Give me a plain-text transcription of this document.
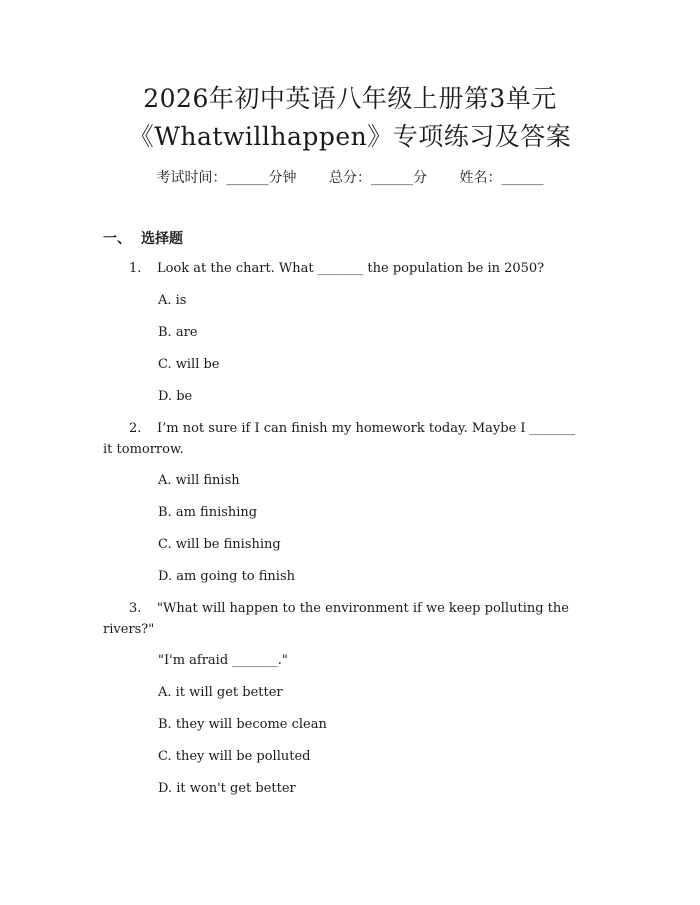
2026年初中英语八年级上册第3单元
《Whatwillhappen》专项练习及答案
考试时间：______分钟 总分：______分 姓名：______
一、 选择题
1. Look at the chart. What _______ the population be in 2050?
A. is
B. are
C. will be
D. be
2. I’m not sure if I can finish my homework today. Maybe I _______
it tomorrow.
A. will finish
B. am finishing
C. will be finishing
D. am going to finish
3. "What will happen to the environment if we keep polluting the
rivers?"
"I'm afraid _______."
A. it will get better
B. they will become clean
C. they will be polluted
D. it won't get better
